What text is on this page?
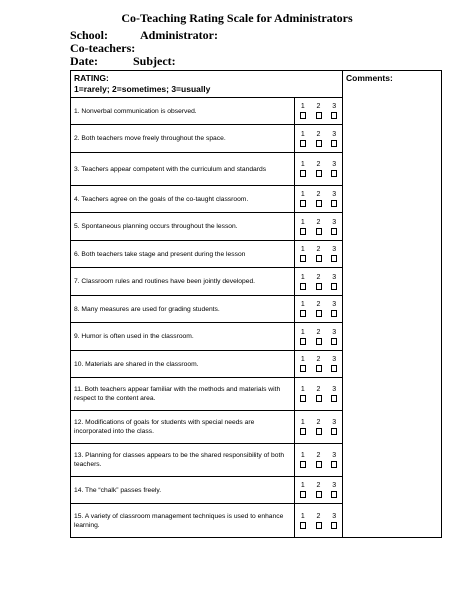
Co-Teaching Rating Scale for Administrators
School:	Administrator:
Co-teachers:
Date:	Subject:
RATING:
1=rarely; 2=sometimes; 3=usually		Comments:
1. Nonverbal communication is observed.	1 2 3	

2. Both teachers move freely throughout the space.	1 2 3	

3. Teachers appear competent with the curriculum and standards	1 2 3	

4. Teachers agree on the goals of the co-taught classroom.	1 2 3	

5. Spontaneous planning occurs throughout the lesson.	1 2 3	

6. Both teachers take stage and present during the lesson	1 2 3	

7. Classroom rules and routines have been jointly developed.	1 2 3	

8. Many measures are used for grading students.	1 2 3	

9. Humor is often used in the classroom.	1 2 3	

10. Materials are shared in the classroom.	1 2 3	

11. Both teachers appear familiar with the methods and materials with respect to the content area.	1 2 3	

12. Modifications of goals for students with special needs are incorporated into the class.	1 2 3	

13. Planning for classes appears to be the shared responsibility of both teachers.	1 2 3	

14. The “chalk” passes freely.	1 2 3	

15. A variety of classroom management techniques is used to enhance learning.	1 2 3	
